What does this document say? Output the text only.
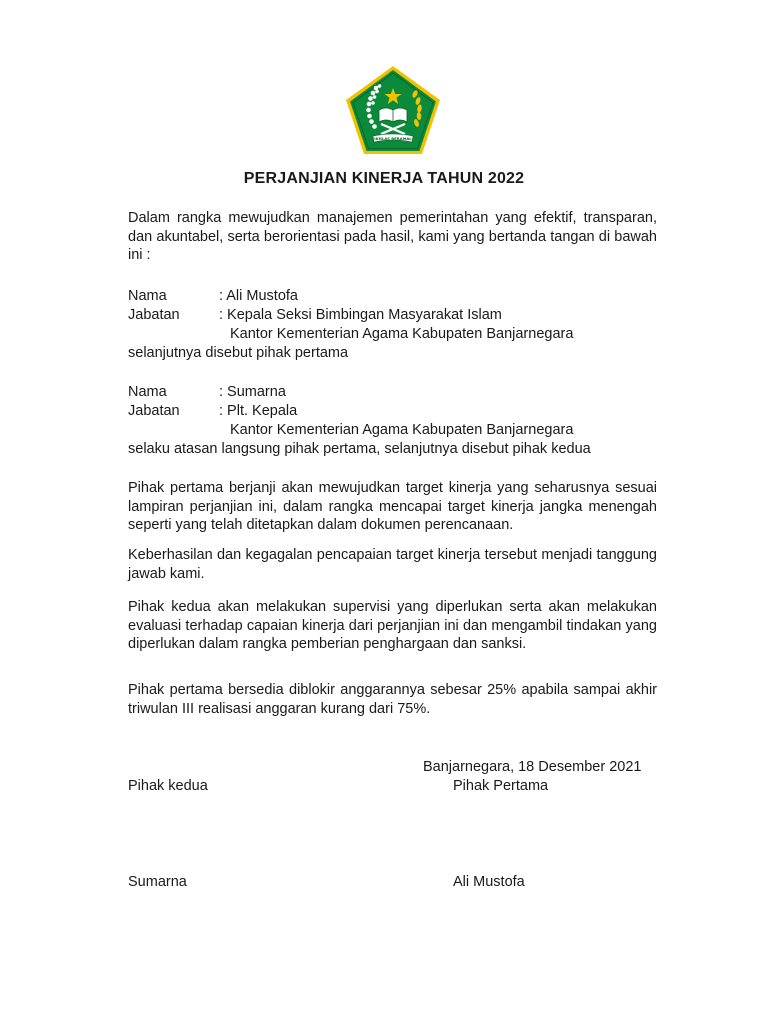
IKHLAS BERAMAL
PERJANJIAN KINERJA TAHUN 2022
Dalam rangka mewujudkan manajemen pemerintahan yang efektif, transparan, dan akuntabel, serta berorientasi pada hasil, kami yang bertanda tangan di bawah ini :
Nama	: Ali Mustofa
Jabatan	: Kepala Seksi Bimbingan Masyarakat Islam
Kantor Kementerian Agama Kabupaten Banjarnegara
selanjutnya disebut pihak pertama
Nama	: Sumarna
Jabatan	: Plt. Kepala
Kantor Kementerian Agama Kabupaten Banjarnegara
selaku atasan langsung pihak pertama, selanjutnya disebut pihak kedua
Pihak pertama berjanji akan mewujudkan target kinerja yang seharusnya sesuai lampiran perjanjian ini, dalam rangka mencapai target kinerja jangka menengah seperti yang telah ditetapkan dalam dokumen perencanaan.
Keberhasilan dan kegagalan pencapaian target kinerja tersebut menjadi tanggung jawab kami.
Pihak kedua akan melakukan supervisi yang diperlukan serta akan melakukan evaluasi terhadap capaian kinerja dari perjanjian ini dan mengambil tindakan yang diperlukan dalam rangka pemberian penghargaan dan sanksi.
Pihak pertama bersedia diblokir anggarannya sebesar 25% apabila sampai akhir triwulan III realisasi anggaran kurang dari 75%.
Banjarnegara, 18 Desember 2021
Pihak kedua	Pihak Pertama
Sumarna	Ali Mustofa
